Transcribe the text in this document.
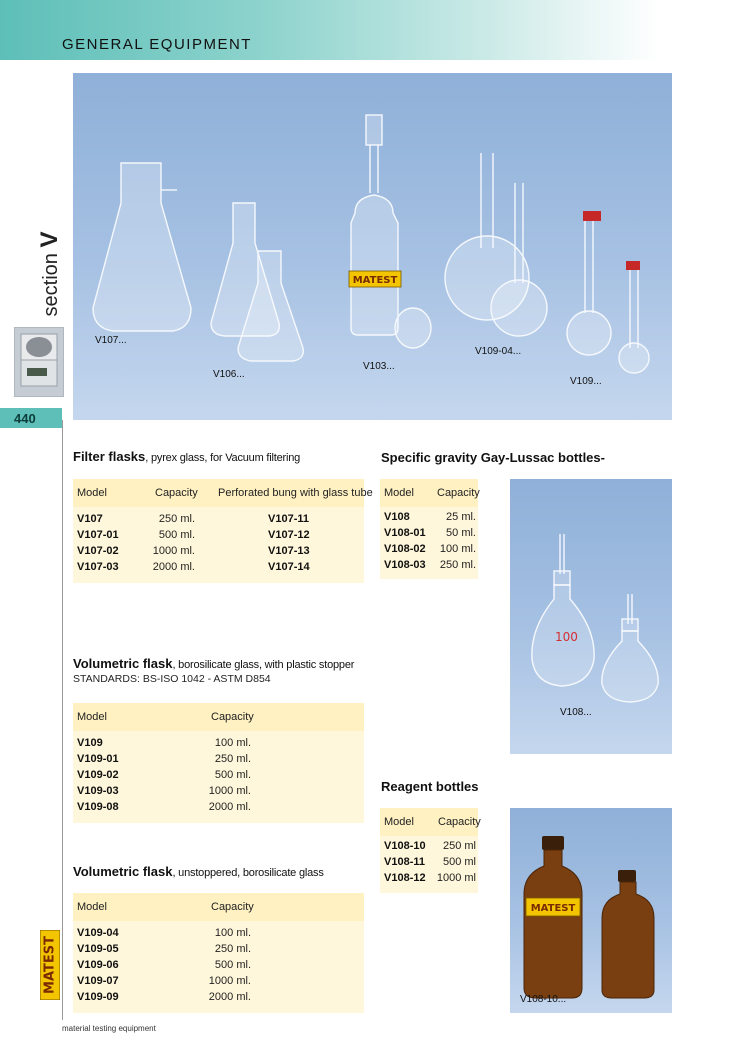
GENERAL EQUIPMENT
section V
440
MATEST
material testing equipment
MATEST
V107...
V106...
V103...
V109-04...
V109...
Filter flasks, pyrex glass, for Vacuum filtering
Model	Capacity Perforated bung with glass tube
V107	250 ml.	V107-11
V107-01	500 ml.	V107-12
V107-02	1000 ml.	V107-13
V107-03	2000 ml.	V107-14
Volumetric flask, borosilicate glass, with plastic stopper
STANDARDS: BS-ISO 1042 - ASTM D854
Model	Capacity
V109	100 ml.
V109-01	250 ml.
V109-02	500 ml.
V109-03	1000 ml.
V109-08	2000 ml.
Volumetric flask, unstoppered, borosilicate glass
Model	Capacity
V109-04	100 ml.
V109-05	250 ml.
V109-06	500 ml.
V109-07	1000 ml.
V109-09	2000 ml.
Specific gravity Gay-Lussac bottles-
Model Capacity
V108	25 ml.
V108-01	50 ml.
V108-02	100 ml.
V108-03	250 ml.
100
V108...
Reagent bottles
Model Capacity
V108-10	250 ml
V108-11	500 ml
V108-12	1000 ml
MATEST
V108-10...
